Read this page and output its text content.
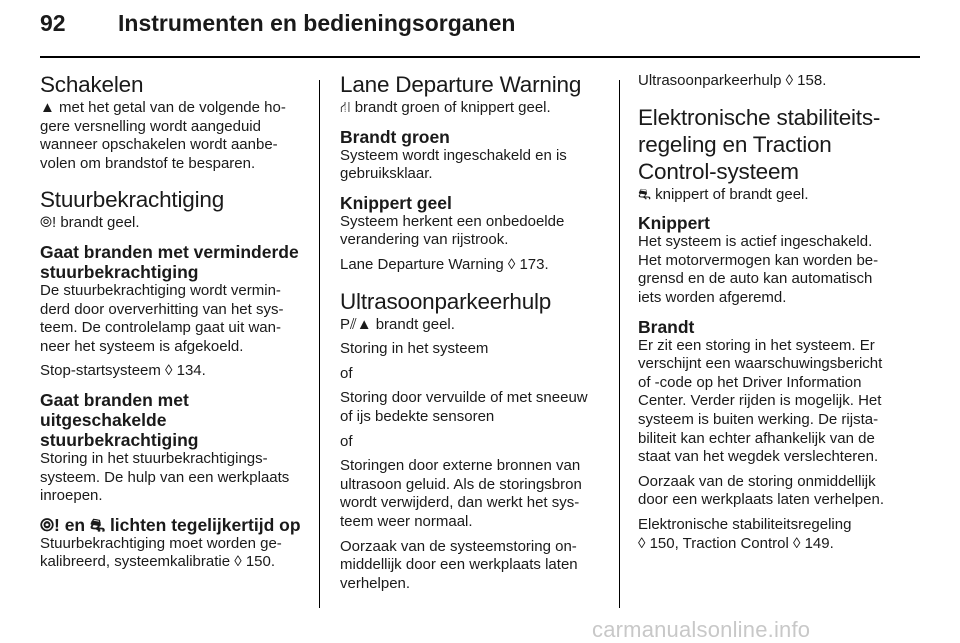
92 Instrumenten en bedieningsorganen
Schakelen

▲ met het getal van de volgende ho-

gere versnelling wordt aangeduid

wanneer opschakelen wordt aanbe-

volen om brandstof te besparen.

Stuurbekrachtiging

⦾! brandt geel.

Gaat branden met verminderde
stuurbekrachtiging

De stuurbekrachtiging wordt vermin-

derd door oververhitting van het sys-

teem. De controlelamp gaat uit wan-

neer het systeem is afgekoeld.

Stop-startsysteem ◊ 134.

Gaat branden met
uitgeschakelde
stuurbekrachtiging

Storing in het stuurbekrachtigings-

systeem. De hulp van een werkplaats

inroepen.

⦾! en ⛐ lichten tegelijkertijd op

Stuurbekrachtiging moet worden ge-

kalibreerd, systeemkalibratie ◊ 150.

Lane Departure Warning

⛙ brandt groen of knippert geel.

Brandt groen

Systeem wordt ingeschakeld en is

gebruiksklaar.

Knippert geel

Systeem herkent een onbedoelde

verandering van rijstrook.

Lane Departure Warning ◊ 173.

Ultrasoonparkeerhulp

P⫽▲ brandt geel.

Storing in het systeem

of

Storing door vervuilde of met sneeuw

of ijs bedekte sensoren

of

Storingen door externe bronnen van

ultrasoon geluid. Als de storingsbron

wordt verwijderd, dan werkt het sys-

teem weer normaal.

Oorzaak van de systeemstoring on-

middellijk door een werkplaats laten

verhelpen.

Ultrasoonparkeerhulp ◊ 158.

Elektronische stabiliteits-
regeling en Traction
Control-systeem

⛐ knippert of brandt geel.

Knippert

Het systeem is actief ingeschakeld.

Het motorvermogen kan worden be-

grensd en de auto kan automatisch

iets worden afgeremd.

Brandt

Er zit een storing in het systeem. Er

verschijnt een waarschuwingsbericht

of -code op het Driver Information

Center. Verder rijden is mogelijk. Het

systeem is buiten werking. De rijsta-

biliteit kan echter afhankelijk van de

staat van het wegdek verslechteren.

Oorzaak van de storing onmiddellijk

door een werkplaats laten verhelpen.

Elektronische stabiliteitsregeling

◊ 150, Traction Control ◊ 149.

carmanualsonline.info
